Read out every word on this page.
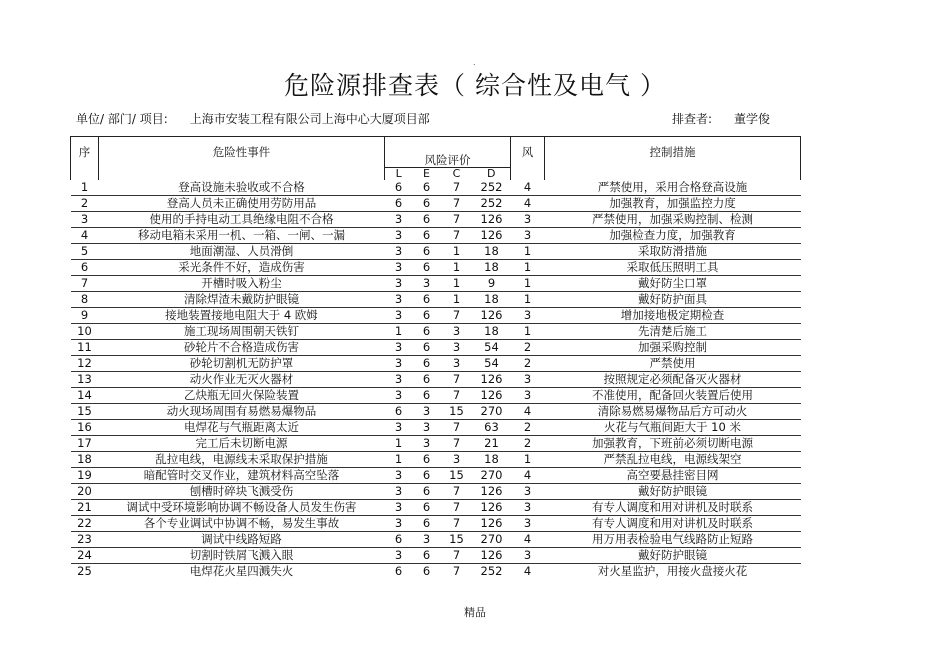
.
危险源排查表（ 综合性及电气 ）
单位/ 部门/ 项目: 上海市安装工程有限公司上海中心大厦项目部	排查者: 董学俊
序	危险性事件	风险评价				风	控制措施
		L	E	C	D		
1	登高设施未验收或不合格	6	6	7	252	4	严禁使用，采用合格登高设施
2	登高人员未正确使用劳防用品	6	6	7	252	4	加强教育，加强监控力度
3	使用的手持电动工具绝缘电阻不合格	3	6	7	126	3	严禁使用，加强采购控制、检测
4	移动电箱未采用一机、一箱、一闸、一漏	3	6	7	126	3	加强检查力度，加强教育
5	地面潮湿、人员滑倒	3	6	1	18	1	采取防滑措施
6	采光条件不好，造成伤害	3	6	1	18	1	采取低压照明工具
7	开槽时吸入粉尘	3	3	1	9	1	戴好防尘口罩
8	清除焊渣未戴防护眼镜	3	6	1	18	1	戴好防护面具
9	接地装置接地电阻大于 4 欧姆	3	6	7	126	3	增加接地极定期检查
10	施工现场周围朝天铁钉	1	6	3	18	1	先清楚后施工
11	砂轮片不合格造成伤害	3	6	3	54	2	加强采购控制
12	砂轮切割机无防护罩	3	6	3	54	2	严禁使用
13	动火作业无灭火器材	3	6	7	126	3	按照规定必须配备灭火器材
14	乙炔瓶无回火保险装置	3	6	7	126	3	不准使用，配备回火装置后使用
15	动火现场周围有易燃易爆物品	6	3	15	270	4	清除易燃易爆物品后方可动火
16	电焊花与气瓶距离太近	3	3	7	63	2	火花与气瓶间距大于 10 米
17	完工后未切断电源	1	3	7	21	2	加强教育，下班前必须切断电源
18	乱拉电线，电源线未采取保护措施	1	6	3	18	1	严禁乱拉电线，电源线架空
19	暗配管时交叉作业，建筑材料高空坠落	3	6	15	270	4	高空要悬挂密目网
20	刨槽时碎块飞溅受伤	3	6	7	126	3	戴好防护眼镜
21	调试中受环境影响协调不畅设备人员发生伤害	3	6	7	126	3	有专人调度和用对讲机及时联系
22	各个专业调试中协调不畅，易发生事故	3	6	7	126	3	有专人调度和用对讲机及时联系
23	调试中线路短路	6	3	15	270	4	用万用表检验电气线路防止短路
24	切割时铁屑飞溅入眼	3	6	7	126	3	戴好防护眼镜
25	电焊花火星四溅失火	6	6	7	252	4	对火星监护，用接火盘接火花
精品
